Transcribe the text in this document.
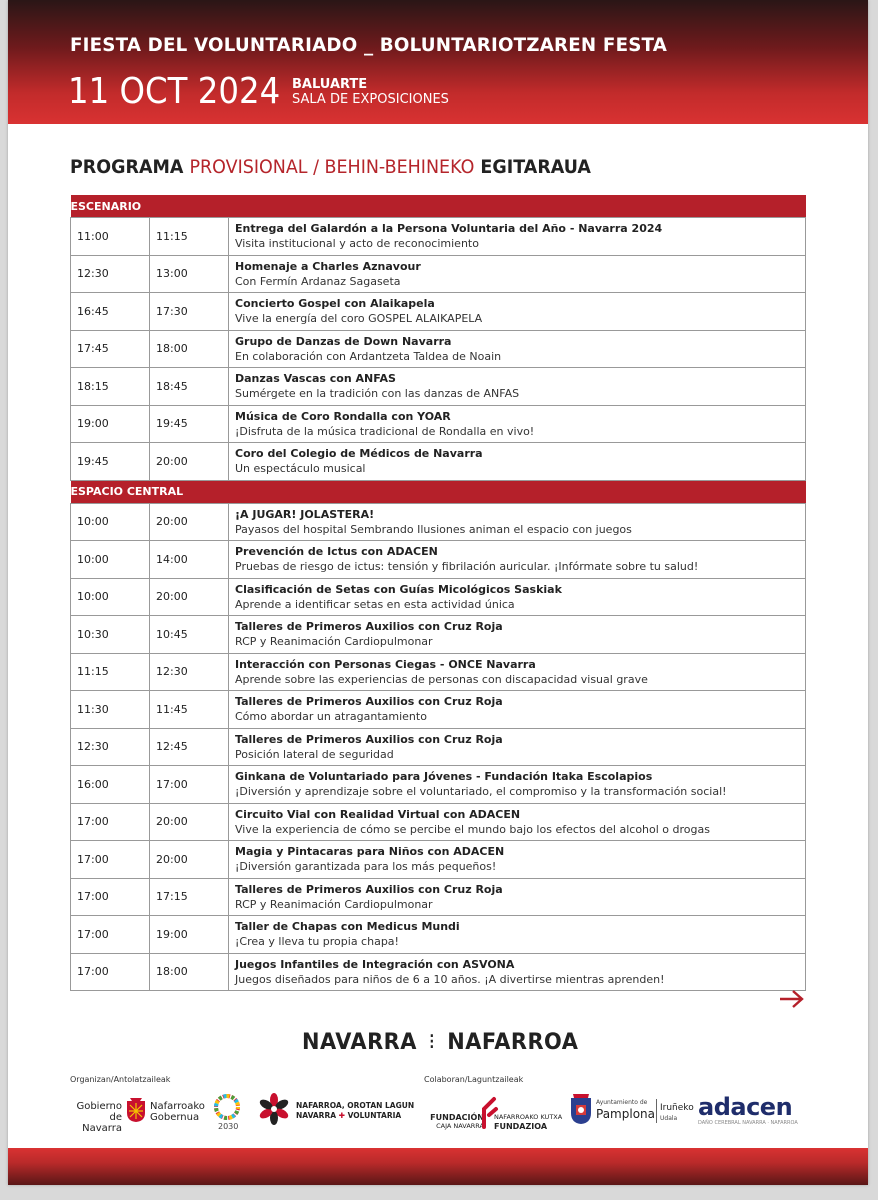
FIESTA DEL VOLUNTARIADO _ BOLUNTARIOTZAREN FESTA
11 OCT 2024 BALUARTE
SALA DE EXPOSICIONES
PROGRAMA PROVISIONAL / BEHIN-BEHINEKO EGITARAUA
ESCENARIO		
11:00	11:15	Entrega del Galardón a la Persona Voluntaria del Año - Navarra 2024
Visita institucional y acto de reconocimiento

12:30	13:00	Homenaje a Charles Aznavour
Con Fermín Ardanaz Sagaseta

16:45	17:30	Concierto Gospel con Alaikapela
Vive la energía del coro GOSPEL ALAIKAPELA

17:45	18:00	Grupo de Danzas de Down Navarra
En colaboración con Ardantzeta Taldea de Noain

18:15	18:45	Danzas Vascas con ANFAS
Sumérgete en la tradición con las danzas de ANFAS

19:00	19:45	Música de Coro Rondalla con YOAR
¡Disfruta de la música tradicional de Rondalla en vivo!

19:45	20:00	Coro del Colegio de Médicos de Navarra
Un espectáculo musical

ESPACIO CENTRAL		
10:00	20:00	¡A JUGAR! JOLASTERA!
Payasos del hospital Sembrando Ilusiones animan el espacio con juegos

10:00	14:00	Prevención de Ictus con ADACEN
Pruebas de riesgo de ictus: tensión y fibrilación auricular. ¡Infórmate sobre tu salud!

10:00	20:00	Clasificación de Setas con Guías Micológicos Saskiak
Aprende a identificar setas en esta actividad única

10:30	10:45	Talleres de Primeros Auxilios con Cruz Roja
RCP y Reanimación Cardiopulmonar

11:15	12:30	Interacción con Personas Ciegas - ONCE Navarra
Aprende sobre las experiencias de personas con discapacidad visual grave

11:30	11:45	Talleres de Primeros Auxilios con Cruz Roja
Cómo abordar un atragantamiento

12:30	12:45	Talleres de Primeros Auxilios con Cruz Roja
Posición lateral de seguridad

16:00	17:00	Ginkana de Voluntariado para Jóvenes - Fundación Itaka Escolapios
¡Diversión y aprendizaje sobre el voluntariado, el compromiso y la transformación social!

17:00	20:00	Circuito Vial con Realidad Virtual con ADACEN
Vive la experiencia de cómo se percibe el mundo bajo los efectos del alcohol o drogas

17:00	20:00	Magia y Pintacaras para Niños con ADACEN
¡Diversión garantizada para los más pequeños!

17:00	17:15	Talleres de Primeros Auxilios con Cruz Roja
RCP y Reanimación Cardiopulmonar

17:00	19:00	Taller de Chapas con Medicus Mundi
¡Crea y lleva tu propia chapa!

17:00	18:00	Juegos Infantiles de Integración con ASVONA
Juegos diseñados para niños de 6 a 10 años. ¡A divertirse mientras aprenden!
NAVARRA ⁝ NAFARROA
Organizan/Antolatzaileak
Gobierno
de Navarra
Nafarroako
Gobernua
2030
NAFARROA, OROTAN LAGUN
NAVARRA ✚ VOLUNTARIA
Colaboran/Laguntzaileak
FUNDACIÓN
CAJA NAVARRA
NAFARROAKO KUTXA
FUNDAZIOA
Ayuntamiento de
Pamplona Iruñeko
Udala adacen
DAÑO CEREBRAL NAVARRA · NAFARROA
